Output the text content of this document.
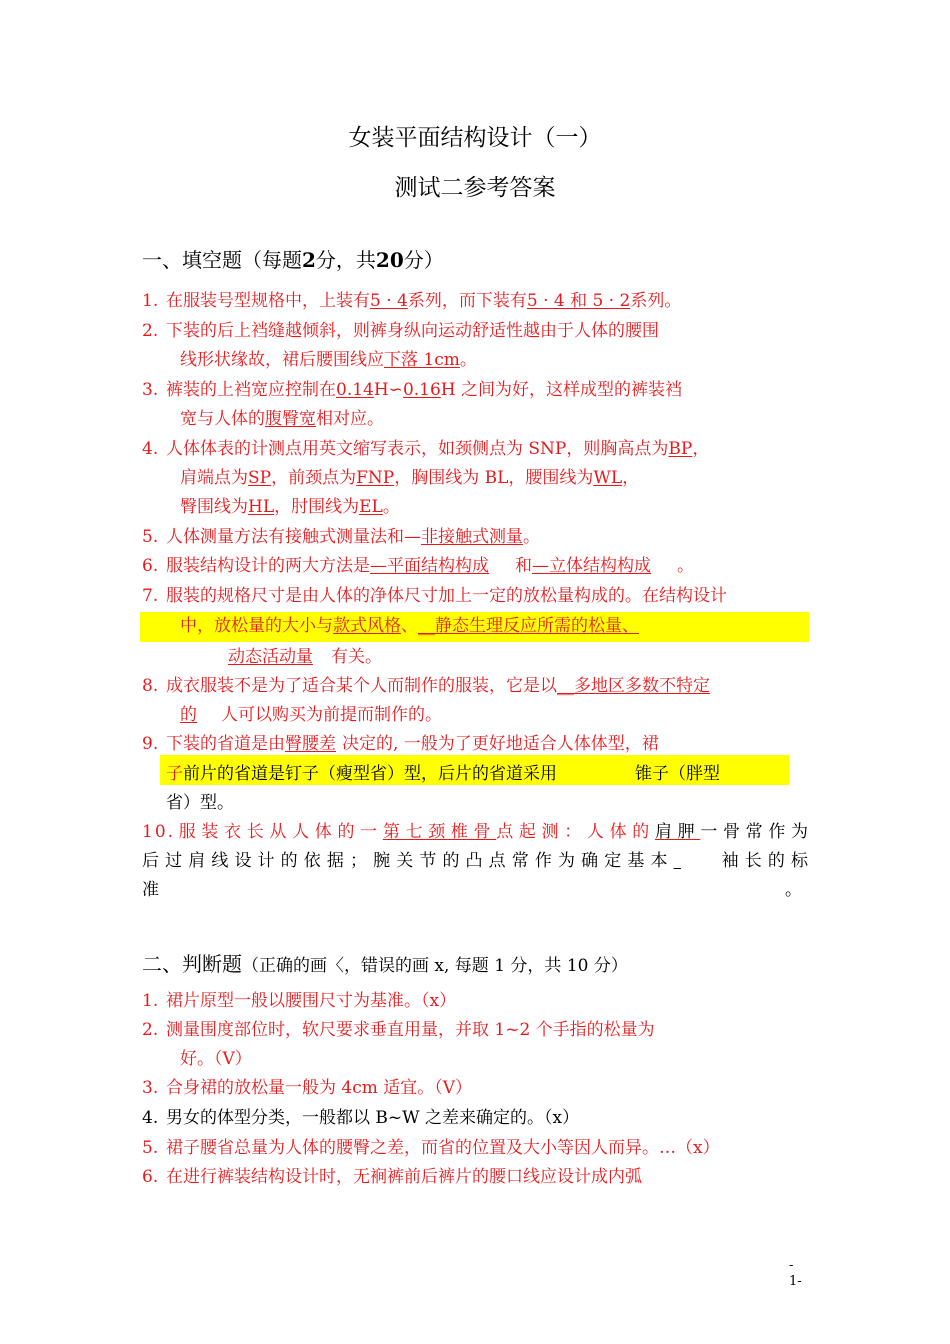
女装平面结构设计（一）
测试二参考答案
一、填空题（每题2分，共20分）
1. 在服装号型规格中，上装有5 · 4系列，而下装有5 · 4 和 5 · 2系列。
2. 下装的后上裆缝越倾斜，则裤身纵向运动舒适性越由于人体的腰围
线形状缘故，裙后腰围线应下落 1cm。
3. 裤装的上裆宽应控制在0.14H∽0.16H 之间为好，这样成型的裤装裆
宽与人体的腹臀宽相对应。
4. 人体体表的计测点用英文缩写表示，如颈侧点为 SNP，则胸高点为BP，
肩端点为SP，前颈点为FNP，胸围线为 BL，腰围线为WL，
臀围线为HL，肘围线为EL。
5. 人体测量方法有接触式测量法和—非接触式测量。
6. 服装结构设计的两大方法是—平面结构构成 和—立体结构构成 。
7. 服装的规格尺寸是由人体的净体尺寸加上一定的放松量构成的。在结构设计
中，放松量的大小与款式风格、__静态生理反应所需的松量、
动态活动量 有关。
8. 成衣服装不是为了适合某个人而制作的服装，它是以__多地区多数不特定
的 人可以购买为前提而制作的。
9. 下装的省道是由臀腰差 决定的, 一般为了更好地适合人体体型，裙
子前片的省道是钉子（瘦型省）型，后片的省道采用	锥子（胖型
省）型。
10.服装衣长从人体的一第七颈椎骨点起测：人体的肩胛一骨常作为
后过肩线设计的依据；腕关节的凸点常作为确定基本	袖长的标
准	。
二、判断题（正确的画〈，错误的画 x, 每题 1 分，共 10 分）
1. 裙片原型一般以腰围尺寸为基准。（x）
2. 测量围度部位时，软尺要求垂直用量，并取 1~2 个手指的松量为
好。（Ⅴ）
3. 合身裙的放松量一般为 4cm 适宜。（V）
4. 男女的体型分类，一般都以 B~W 之差来确定的。（x）
5. 裙子腰省总量为人体的腰臀之差，而省的位置及大小等因人而异。…（x）
6. 在进行裤装结构设计时，无裥裤前后裤片的腰口线应设计成内弧
-
1-
